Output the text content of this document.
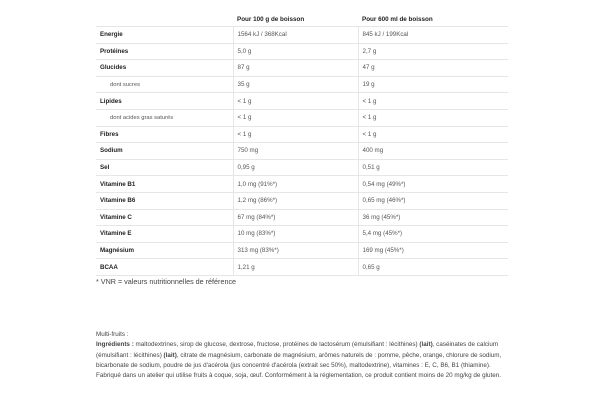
	Pour 100 g de boisson	Pour 600 ml de boisson
Energie	1564 kJ / 368Kcal	845 kJ / 199Kcal
Protéines	5,0 g	2,7 g
Glucides	87 g	47 g
dont sucres	35 g	19 g
Lipides	< 1 g	< 1 g
dont acides gras saturés	< 1 g	< 1 g
Fibres	< 1 g	< 1 g
Sodium	750 mg	400 mg
Sel	0,95 g	0,51 g
Vitamine B1	1,0 mg (91%*)	0,54 mg (49%*)
Vitamine B6	1,2 mg (86%*)	0,65 mg (46%*)
Vitamine C	67 mg (84%*)	36 mg (45%*)
Vitamine E	10 mg (83%*)	5,4 mg (45%*)
Magnésium	313 mg (83%*)	169 mg (45%*)
BCAA	1,21 g	0,65 g
* VNR = valeurs nutritionnelles de référence
Multi-fruits :
Ingrédients : maltodextrines, sirop de glucose, dextrose, fructose, protéines de lactosérum (émulsifiant : lécithines) (lait), caséinates de calcium (émulsifiant : lécithines) (lait), citrate de magnésium, carbonate de magnésium, arômes naturels de : pomme, pêche, orange, chlorure de sodium, bicarbonate de sodium, poudre de jus d'acérola (jus concentré d'acérola (extrait sec 50%), maltodextrine), vitamines : E, C, B6, B1 (thiamine). Fabriqué dans un atelier qui utilise fruits à coque, soja, œuf. Conformément à la réglementation, ce produit contient moins de 20 mg/kg de gluten.
